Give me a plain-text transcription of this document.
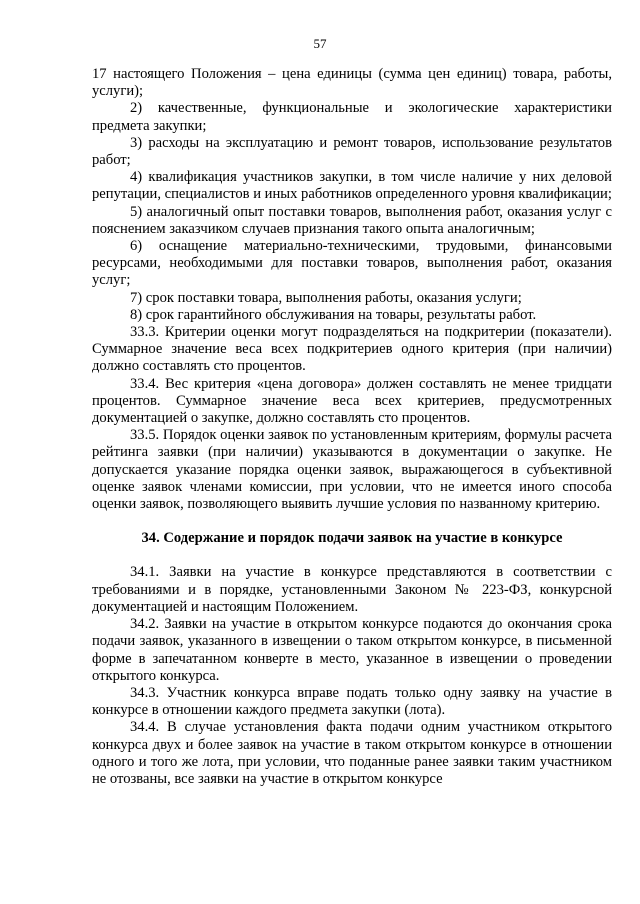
57

17 настоящего Положения – цена единицы (сумма цен единиц) товара, работы, услуги);

2) качественные, функциональные и экологические характеристики предмета закупки;

3) расходы на эксплуатацию и ремонт товаров, использование результатов работ;

4) квалификация участников закупки, в том числе наличие у них деловой репутации, специалистов и иных работников определенного уровня квалификации;

5) аналогичный опыт поставки товаров, выполнения работ, оказания услуг с пояснением заказчиком случаев признания такого опыта аналогичным;

6) оснащение материально-техническими, трудовыми, финансовыми ресурсами, необходимыми для поставки товаров, выполнения работ, оказания услуг;

7) срок поставки товара, выполнения работы, оказания услуги;

8) срок гарантийного обслуживания на товары, результаты работ.

33.3. Критерии оценки могут подразделяться на подкритерии (показатели). Суммарное значение веса всех подкритериев одного критерия (при наличии) должно составлять сто процентов.

33.4. Вес критерия «цена договора» должен составлять не менее тридцати процентов. Суммарное значение веса всех критериев, предусмотренных документацией о закупке, должно составлять сто процентов.

33.5. Порядок оценки заявок по установленным критериям, формулы расчета рейтинга заявки (при наличии) указываются в документации о закупке. Не допускается указание порядка оценки заявок, выражающегося в субъективной оценке заявок членами комиссии, при условии, что не имеется иного способа оценки заявок, позволяющего выявить лучшие условия по названному критерию.

34. Содержание и порядок подачи заявок на участие в конкурсе

34.1. Заявки на участие в конкурсе представляются в соответствии с требованиями и в порядке, установленными Законом № 223-ФЗ, конкурсной документацией и настоящим Положением.

34.2. Заявки на участие в открытом конкурсе подаются до окончания срока подачи заявок, указанного в извещении о таком открытом конкурсе, в письменной форме в запечатанном конверте в место, указанное в извещении о проведении открытого конкурса.

34.3. Участник конкурса вправе подать только одну заявку на участие в конкурсе в отношении каждого предмета закупки (лота).

34.4. В случае установления факта подачи одним участником открытого конкурса двух и более заявок на участие в таком открытом конкурсе в отношении одного и того же лота, при условии, что поданные ранее заявки таким участником не отозваны, все заявки на участие в открытом конкурсе
